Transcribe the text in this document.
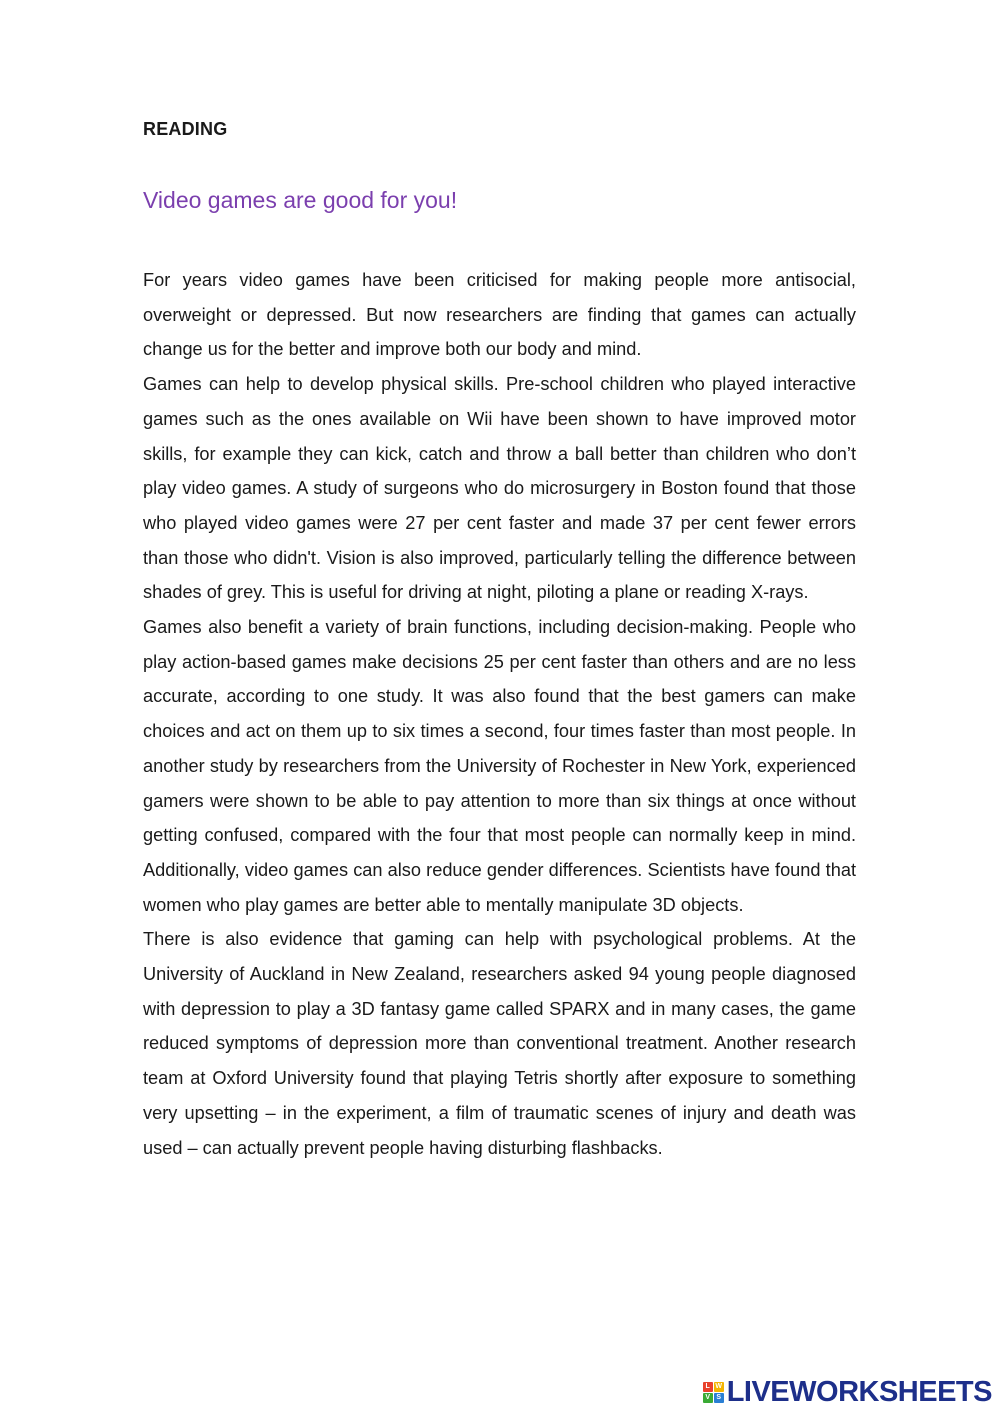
READING
Video games are good for you!

For years video games have been criticised for making people more antisocial, overweight or depressed. But now researchers are finding that games can actually change us for the better and improve both our body and mind.

Games can help to develop physical skills. Pre-school children who played interactive games such as the ones available on Wii have been shown to have improved motor skills, for example they can kick, catch and throw a ball better than children who don’t play video games. A study of surgeons who do microsurgery in Boston found that those who played video games were 27 per cent faster and made 37 per cent fewer errors than those who didn't. Vision is also improved, particularly telling the difference between shades of grey. This is useful for driving at night, piloting a plane or reading X-rays.

Games also benefit a variety of brain functions, including decision-making. People who play action-based games make decisions 25 per cent faster than others and are no less accurate, according to one study. It was also found that the best gamers can make choices and act on them up to six times a second, four times faster than most people. In another study by researchers from the University of Rochester in New York, experienced gamers were shown to be able to pay attention to more than six things at once without getting confused, compared with the four that most people can normally keep in mind. Additionally, video games can also reduce gender differences. Scientists have found that women who play games are better able to mentally manipulate 3D objects.

There is also evidence that gaming can help with psychological problems. At the University of Auckland in New Zealand, researchers asked 94 young people diagnosed with depression to play a 3D fantasy game called SPARX and in many cases, the game reduced symptoms of depression more than conventional treatment. Another research team at Oxford University found that playing Tetris shortly after exposure to something very upsetting – in the experiment, a film of traumatic scenes of injury and death was used – can actually prevent people having disturbing flashbacks.

L W
V S LIVEWORKSHEETS
